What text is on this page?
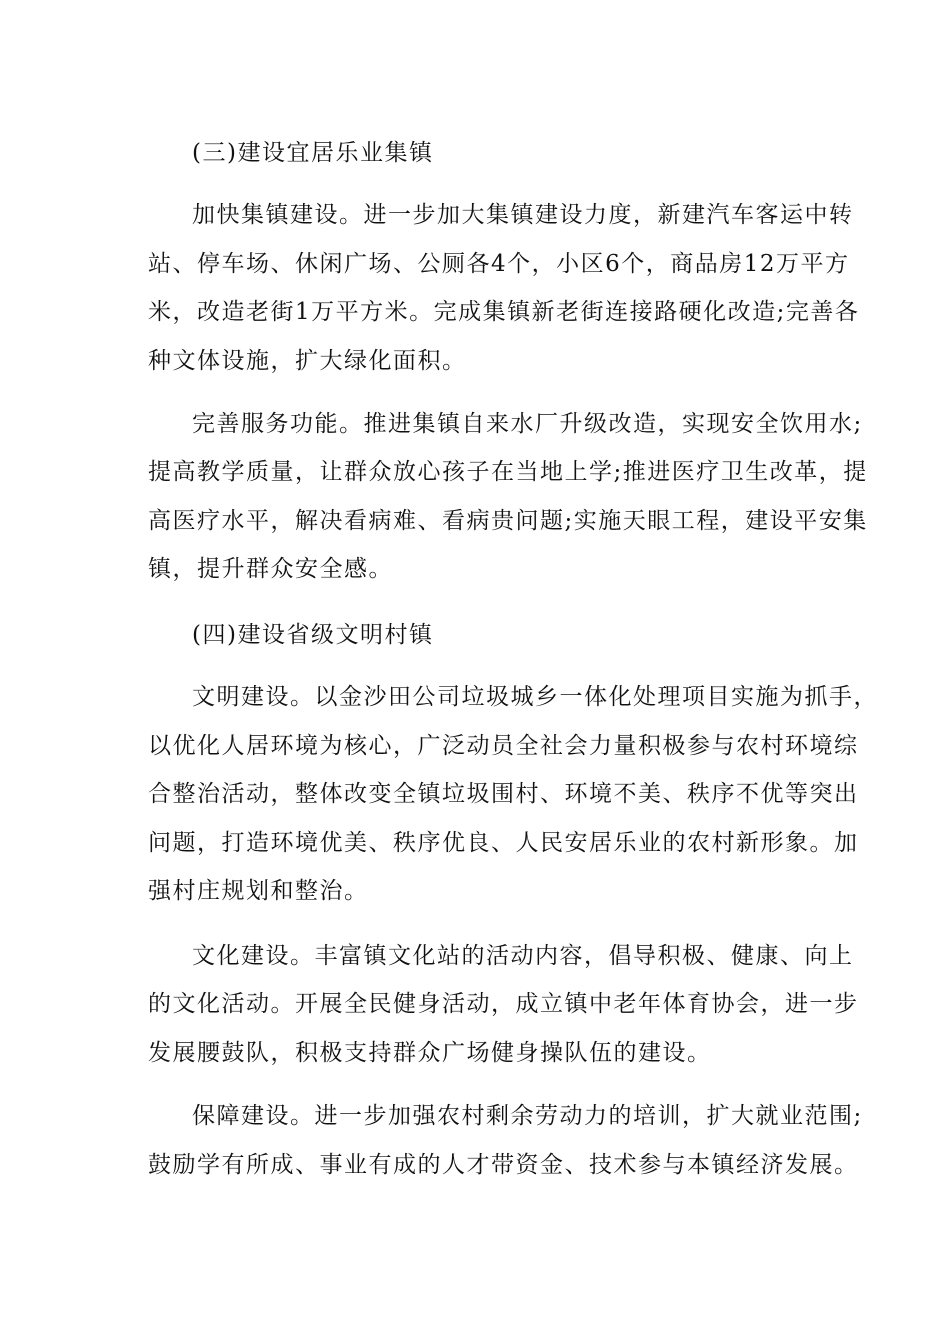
(三)建设宜居乐业集镇
加快集镇建设。进一步加大集镇建设力度，新建汽车客运中转
站、停车场、休闲广场、公厕各4个，小区6个，商品房12万平方
米，改造老街1万平方米。完成集镇新老街连接路硬化改造;完善各
种文体设施，扩大绿化面积。
完善服务功能。推进集镇自来水厂升级改造，实现安全饮用水;
提高教学质量，让群众放心孩子在当地上学;推进医疗卫生改革，提
高医疗水平，解决看病难、看病贵问题;实施天眼工程，建设平安集
镇，提升群众安全感。
(四)建设省级文明村镇
文明建设。以金沙田公司垃圾城乡一体化处理项目实施为抓手，
以优化人居环境为核心，广泛动员全社会力量积极参与农村环境综
合整治活动，整体改变全镇垃圾围村、环境不美、秩序不优等突出
问题，打造环境优美、秩序优良、人民安居乐业的农村新形象。加
强村庄规划和整治。
文化建设。丰富镇文化站的活动内容，倡导积极、健康、向上
的文化活动。开展全民健身活动，成立镇中老年体育协会，进一步
发展腰鼓队，积极支持群众广场健身操队伍的建设。
保障建设。进一步加强农村剩余劳动力的培训，扩大就业范围;
鼓励学有所成、事业有成的人才带资金、技术参与本镇经济发展。
